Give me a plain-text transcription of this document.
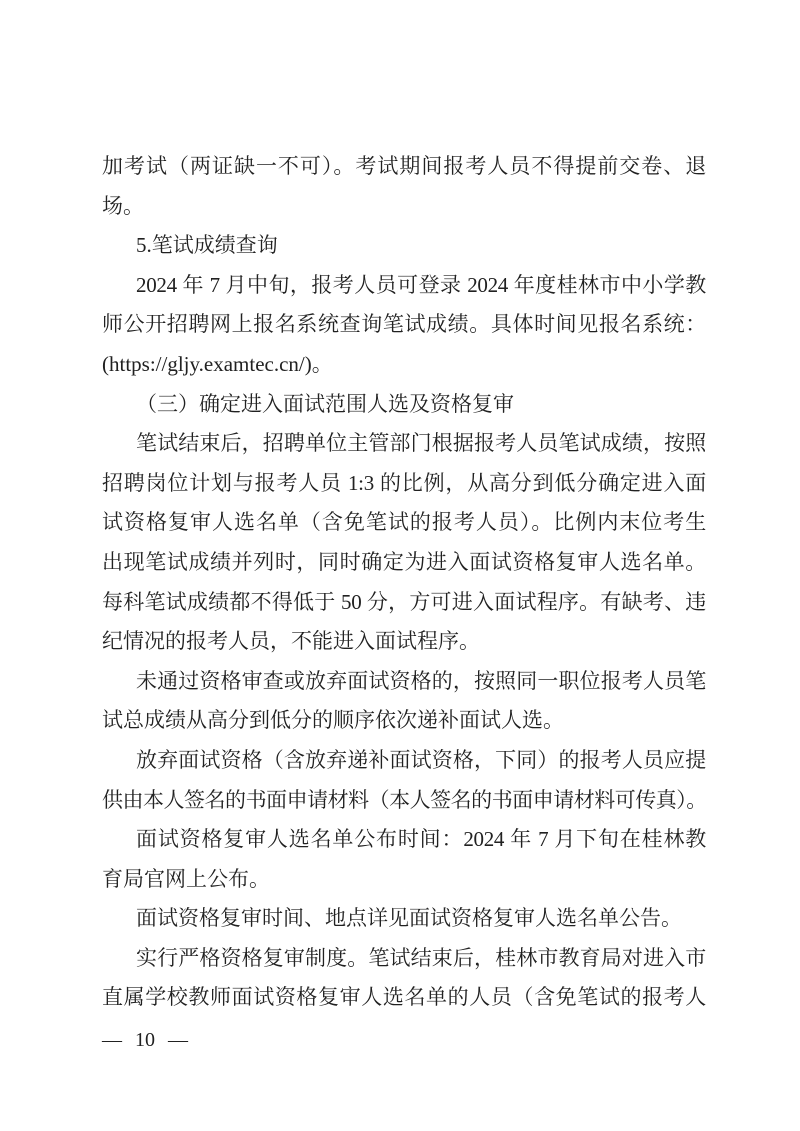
加考试（两证缺一不可）。考试期间报考人员不得提前交卷、退
场。
5.笔试成绩查询
2024 年 7 月中旬，报考人员可登录 2024 年度桂林市中小学教
师公开招聘网上报名系统查询笔试成绩。具体时间见报名系统：
(https://gljy.examtec.cn/)。
（三）确定进入面试范围人选及资格复审
笔试结束后，招聘单位主管部门根据报考人员笔试成绩，按照
招聘岗位计划与报考人员 1:3 的比例，从高分到低分确定进入面
试资格复审人选名单（含免笔试的报考人员）。比例内末位考生
出现笔试成绩并列时，同时确定为进入面试资格复审人选名单。
每科笔试成绩都不得低于 50 分，方可进入面试程序。有缺考、违
纪情况的报考人员，不能进入面试程序。
未通过资格审查或放弃面试资格的，按照同一职位报考人员笔
试总成绩从高分到低分的顺序依次递补面试人选。
放弃面试资格（含放弃递补面试资格，下同）的报考人员应提
供由本人签名的书面申请材料（本人签名的书面申请材料可传真）。
面试资格复审人选名单公布时间：2024 年 7 月下旬在桂林教
育局官网上公布。
面试资格复审时间、地点详见面试资格复审人选名单公告。
实行严格资格复审制度。笔试结束后，桂林市教育局对进入市
直属学校教师面试资格复审人选名单的人员（含免笔试的报考人
— 10 —
